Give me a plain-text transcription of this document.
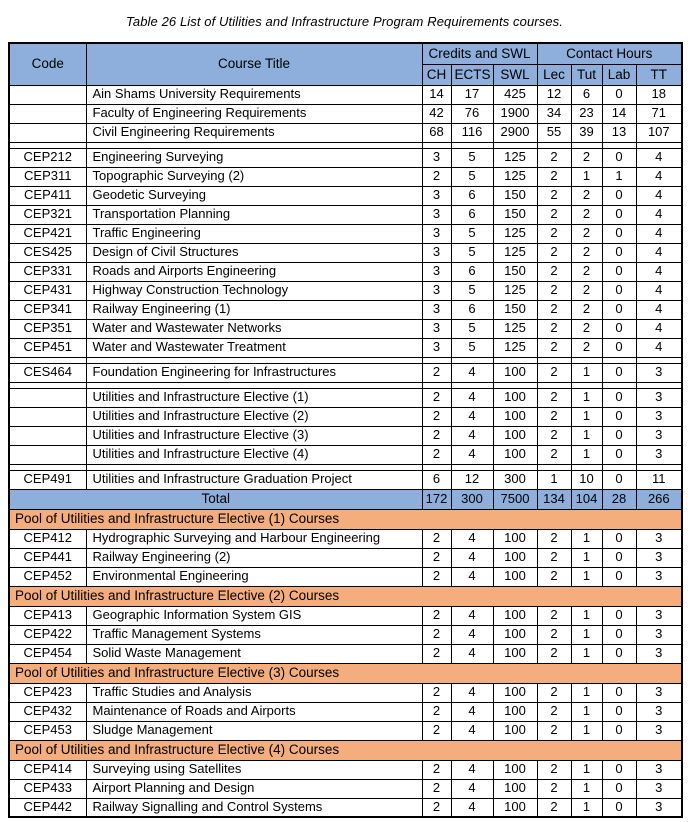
Table 26 List of Utilities and Infrastructure Program Requirements courses.
Code	Course Title	Credits and SWL			Contact Hours			
		CH	ECTS	SWL	Lec	Tut	Lab	TT
	Ain Shams University Requirements	14	17	425	12	6	0	18
	Faculty of Engineering Requirements	42	76	1900	34	23	14	71
	Civil Engineering Requirements	68	116	2900	55	39	13	107

CEP212	Engineering Surveying	3	5	125	2	2	0	4
CEP311	Topographic Surveying (2)	2	5	125	2	1	1	4
CEP411	Geodetic Surveying	3	6	150	2	2	0	4
CEP321	Transportation Planning	3	6	150	2	2	0	4
CEP421	Traffic Engineering	3	5	125	2	2	0	4
CES425	Design of Civil Structures	3	5	125	2	2	0	4
CEP331	Roads and Airports Engineering	3	6	150	2	2	0	4
CEP431	Highway Construction Technology	3	5	125	2	2	0	4
CEP341	Railway Engineering (1)	3	6	150	2	2	0	4
CEP351	Water and Wastewater Networks	3	5	125	2	2	0	4
CEP451	Water and Wastewater Treatment	3	5	125	2	2	0	4

CES464	Foundation Engineering for Infrastructures	2	4	100	2	1	0	3

	Utilities and Infrastructure Elective (1)	2	4	100	2	1	0	3
	Utilities and Infrastructure Elective (2)	2	4	100	2	1	0	3
	Utilities and Infrastructure Elective (3)	2	4	100	2	1	0	3
	Utilities and Infrastructure Elective (4)	2	4	100	2	1	0	3

CEP491	Utilities and Infrastructure Graduation Project	6	12	300	1	10	0	11
Total		172	300	7500	134	104	28	266
Pool of Utilities and Infrastructure Elective (1) Courses								
CEP412	Hydrographic Surveying and Harbour Engineering	2	4	100	2	1	0	3
CEP441	Railway Engineering (2)	2	4	100	2	1	0	3
CEP452	Environmental Engineering	2	4	100	2	1	0	3
Pool of Utilities and Infrastructure Elective (2) Courses								
CEP413	Geographic Information System GIS	2	4	100	2	1	0	3
CEP422	Traffic Management Systems	2	4	100	2	1	0	3
CEP454	Solid Waste Management	2	4	100	2	1	0	3
Pool of Utilities and Infrastructure Elective (3) Courses								
CEP423	Traffic Studies and Analysis	2	4	100	2	1	0	3
CEP432	Maintenance of Roads and Airports	2	4	100	2	1	0	3
CEP453	Sludge Management	2	4	100	2	1	0	3
Pool of Utilities and Infrastructure Elective (4) Courses								
CEP414	Surveying using Satellites	2	4	100	2	1	0	3
CEP433	Airport Planning and Design	2	4	100	2	1	0	3
CEP442	Railway Signalling and Control Systems	2	4	100	2	1	0	3
